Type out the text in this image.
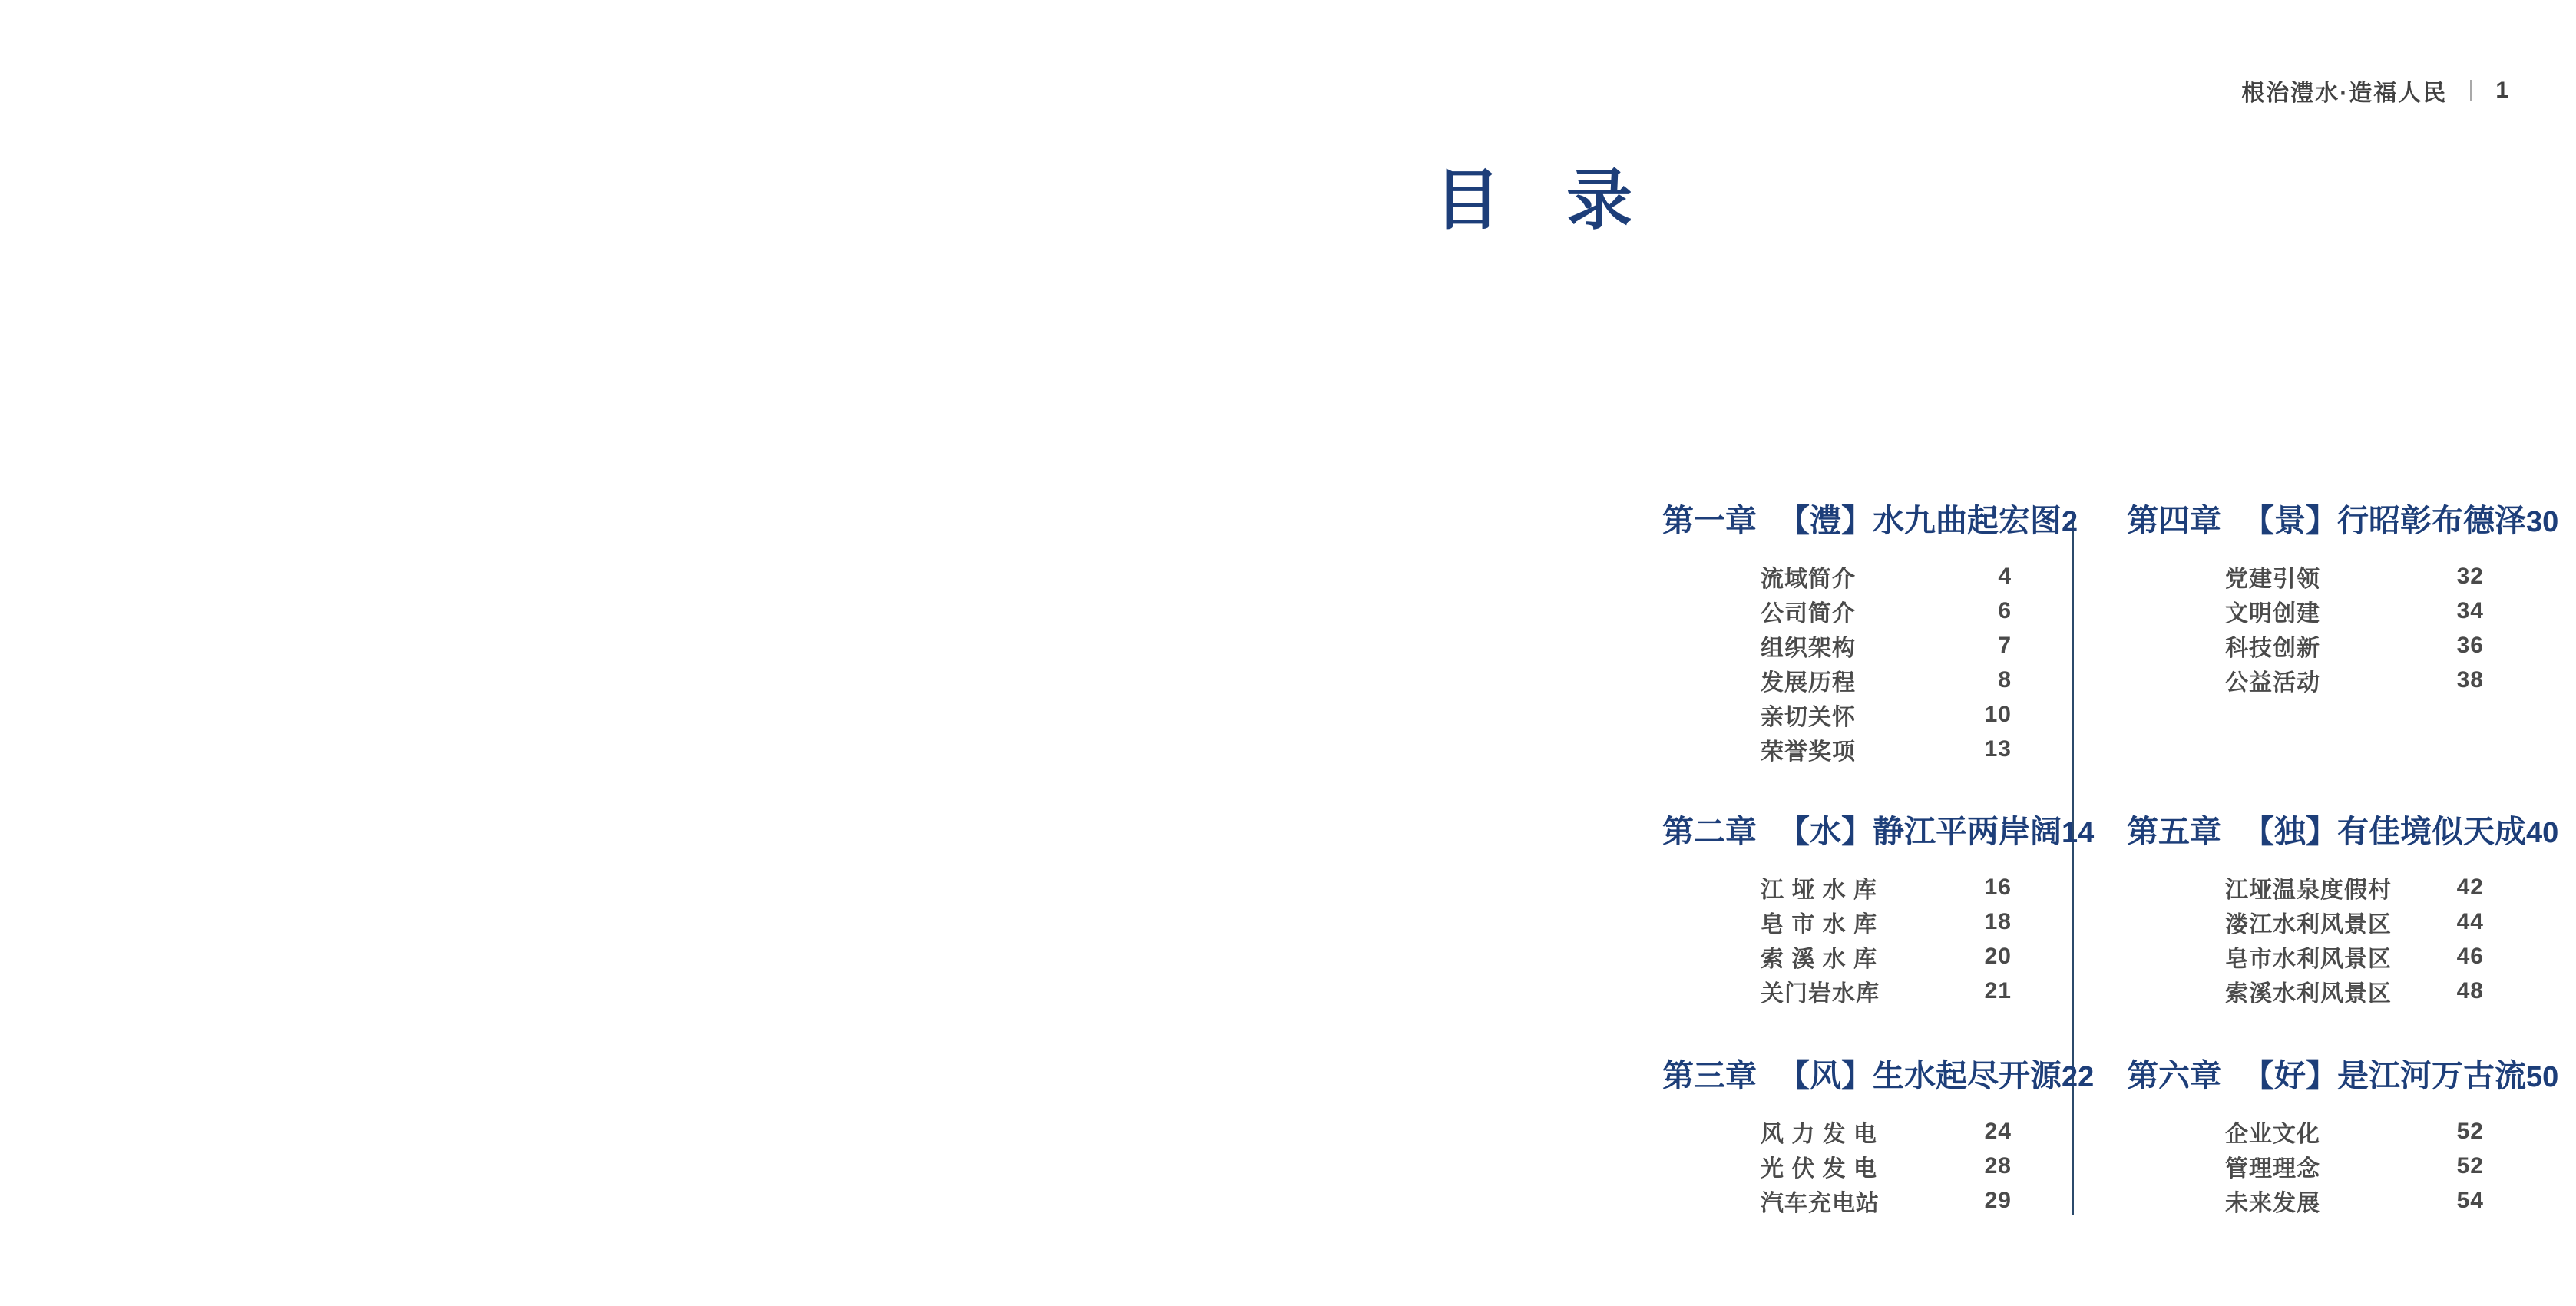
根治澧水·造福人民 1
目　录
第一章 【澧】水九曲起宏图 2
流域简介	4
公司简介	6
组织架构	7
发展历程	8
亲切关怀	10
荣誉奖项	13
第二章 【水】静江平两岸阔 14
江 垭 水 库	16
皂 市 水 库	18
索 溪 水 库	20
关门岩水库	21
第三章 【风】生水起尽开源 22
风 力 发 电	24
光 伏 发 电	28
汽车充电站	29
第四章 【景】行昭彰布德泽 30
党建引领	32
文明创建	34
科技创新	36
公益活动	38
第五章 【独】有佳境似天成 40
江垭温泉度假村	42
溇江水利风景区	44
皂市水利风景区	46
索溪水利风景区	48
第六章 【好】是江河万古流 50
企业文化	52
管理理念	52
未来发展	54
